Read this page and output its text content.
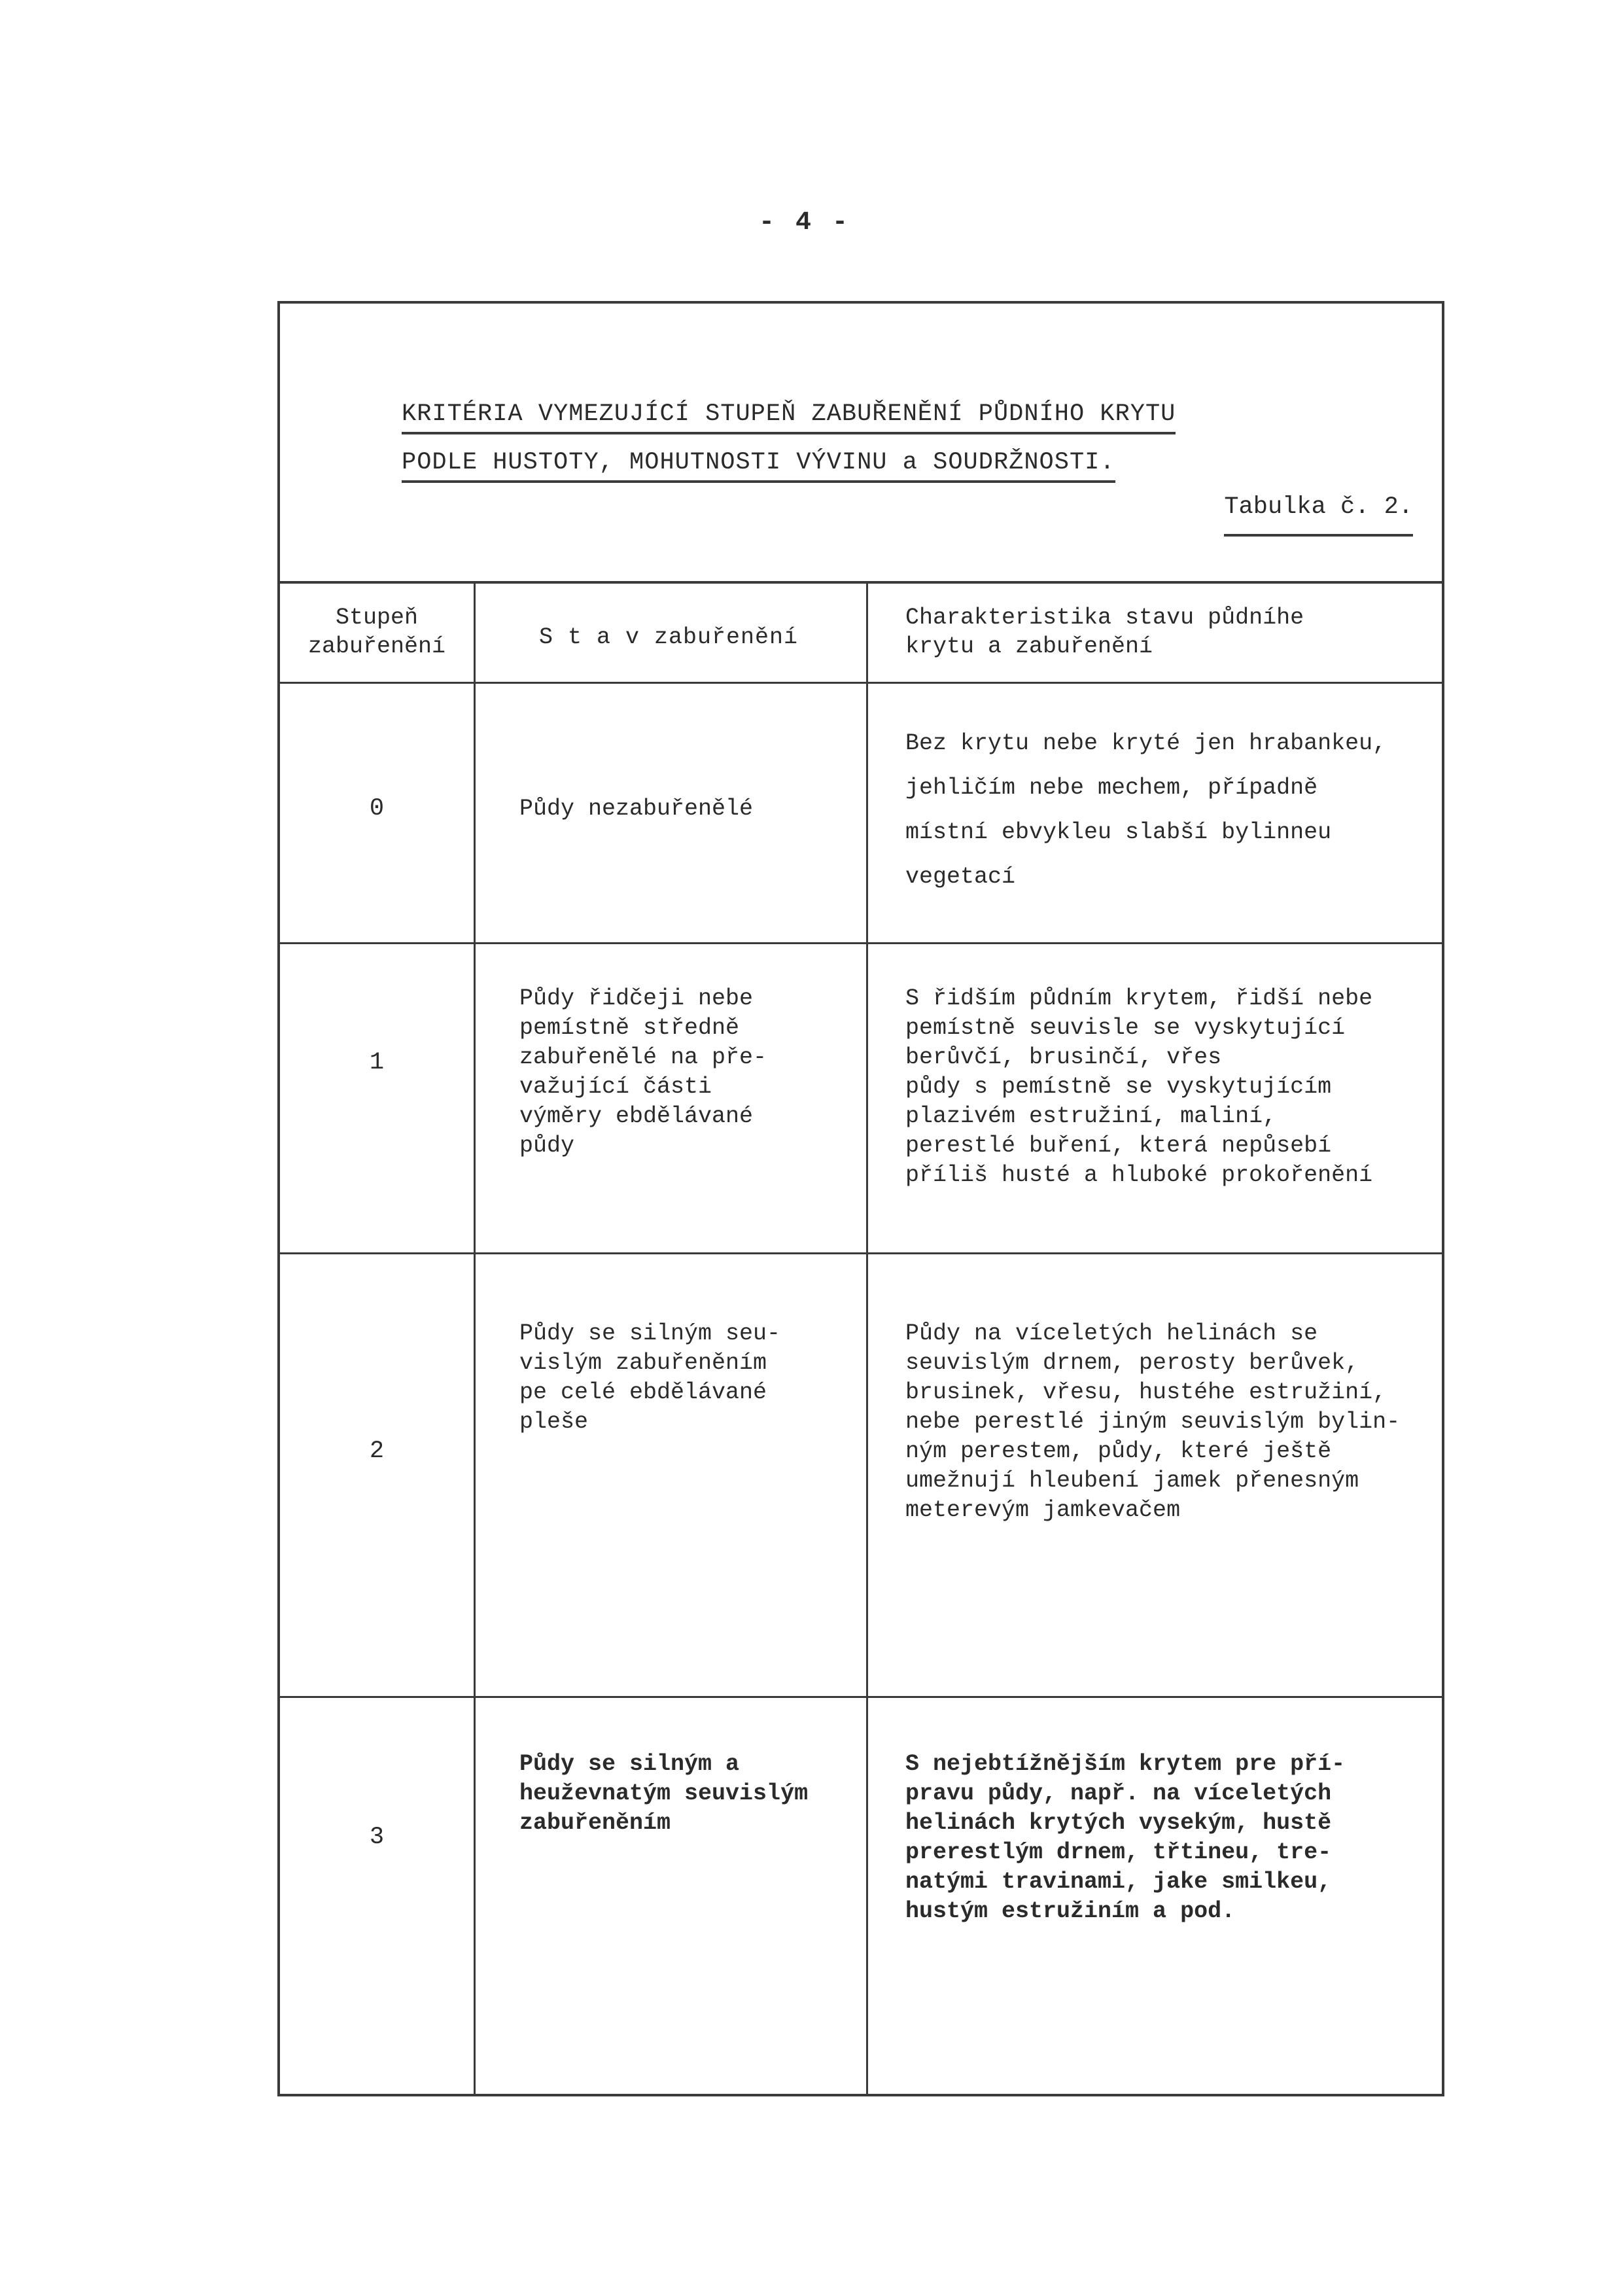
- 4 -
KRITÉRIA VYMEZUJÍCÍ STUPEŇ ZABUŘENĚNÍ PŮDNÍHO KRYTU
PODLE HUSTOTY, MOHUTNOSTI VÝVINU a SOUDRŽNOSTI.
Tabulka č. 2.
Stupeň
zabuřenění	S t a v zabuřenění
Charakteristika stavu půdníhe
krytu a zabuřenění
0	Půdy nezabuřenělé
Bez krytu nebe kryté jen hrabankeu,
jehličím nebe mechem, případně
místní ebvykleu slabší bylinneu
vegetací
1
Půdy řidčeji nebe
pemístně středně
zabuřenělé na pře-
važující části
výměry ebdělávané
půdy
S řidším půdním krytem, řidší nebe
pemístně seuvisle se vyskytující
berůvčí, brusinčí, vřes
půdy s pemístně se vyskytujícím
plazivém estružiní, maliní,
perestlé buření, která nepůsebí
příliš husté a hluboké prokořenění
2
Půdy se silným seu-
vislým zabuřeněním
pe celé ebdělávané
pleše
Půdy na víceletých helinách se
seuvislým drnem, perosty berůvek,
brusinek, vřesu, hustéhe estružiní,
nebe perestlé jiným seuvislým bylin-
ným perestem, půdy, které ještě
umežnují hleubení jamek přenesným
meterevým jamkevačem
3
Půdy se silným a
heuževnatým seuvislým
zabuřeněním
S nejebtížnějším krytem pre pří-
pravu půdy, např. na víceletých
helinách krytých vysekým, hustě
prerestlým drnem, třtineu, tre-
natými travinami, jake smilkeu,
hustým estružiním a pod.
